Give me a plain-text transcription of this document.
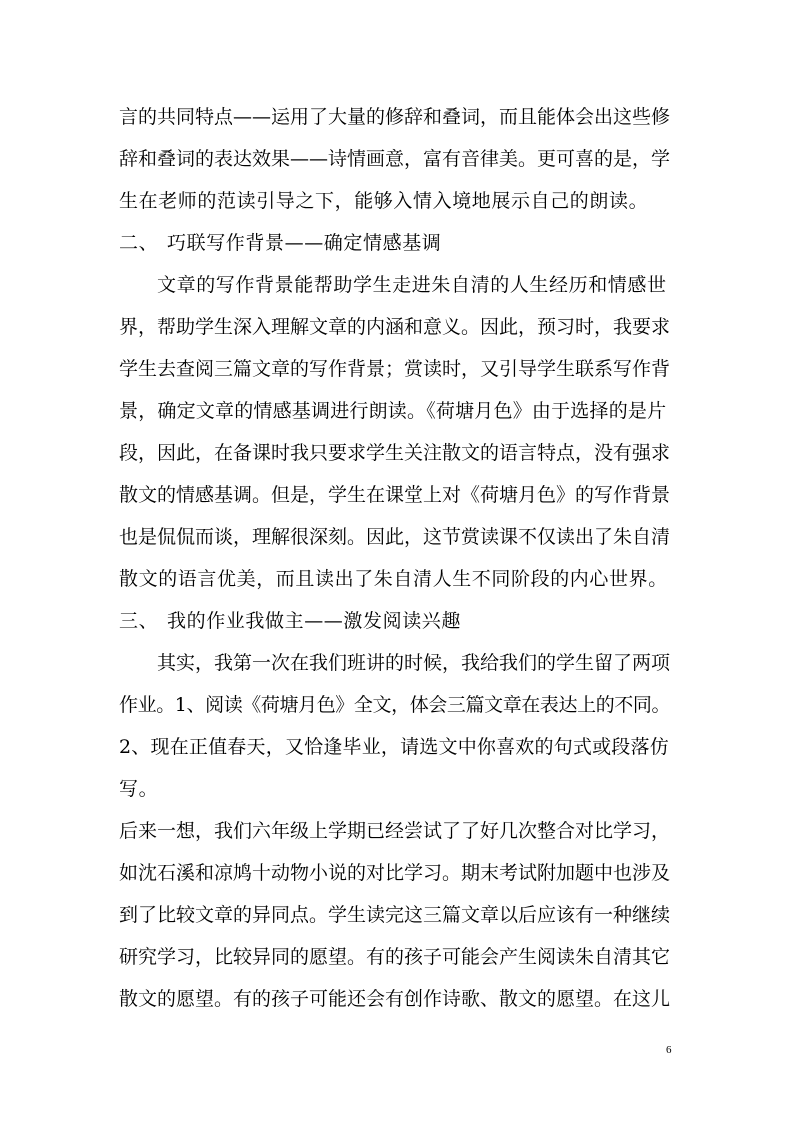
言的共同特点——运用了大量的修辞和叠词，而且能体会出这些修
辞和叠词的表达效果——诗情画意，富有音律美。更可喜的是，学
生在老师的范读引导之下，能够入情入境地展示自己的朗读。
二、 巧联写作背景——确定情感基调
文章的写作背景能帮助学生走进朱自清的人生经历和情感世
界，帮助学生深入理解文章的内涵和意义。因此，预习时，我要求
学生去查阅三篇文章的写作背景；赏读时，又引导学生联系写作背
景，确定文章的情感基调进行朗读。《荷塘月色》由于选择的是片
段，因此，在备课时我只要求学生关注散文的语言特点，没有强求
散文的情感基调。但是，学生在课堂上对《荷塘月色》的写作背景
也是侃侃而谈，理解很深刻。因此，这节赏读课不仅读出了朱自清
散文的语言优美，而且读出了朱自清人生不同阶段的内心世界。
三、 我的作业我做主——激发阅读兴趣
其实，我第一次在我们班讲的时候，我给我们的学生留了两项
作业。1、阅读《荷塘月色》全文，体会三篇文章在表达上的不同。
2、现在正值春天，又恰逢毕业，请选文中你喜欢的句式或段落仿
写。
后来一想，我们六年级上学期已经尝试了了好几次整合对比学习，
如沈石溪和凉鸠十动物小说的对比学习。期末考试附加题中也涉及
到了比较文章的异同点。学生读完这三篇文章以后应该有一种继续
研究学习，比较异同的愿望。有的孩子可能会产生阅读朱自清其它
散文的愿望。有的孩子可能还会有创作诗歌、散文的愿望。在这儿
6
